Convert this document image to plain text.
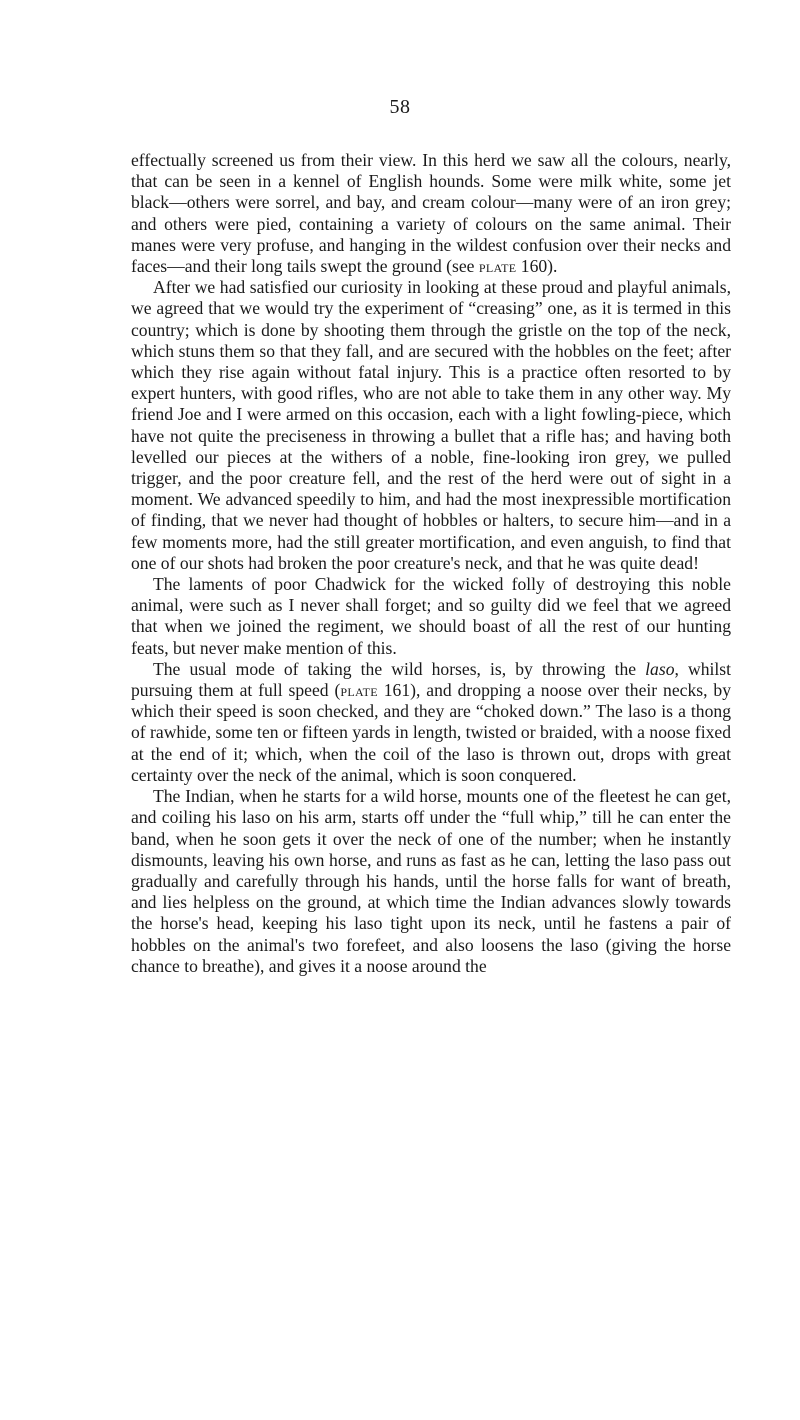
58

effectually screened us from their view. In this herd we saw all the colours, nearly, that can be seen in a kennel of English hounds. Some were milk white, some jet black—others were sorrel, and bay, and cream colour—many were of an iron grey; and others were pied, containing a variety of colours on the same animal. Their manes were very profuse, and hanging in the wildest confusion over their necks and faces—and their long tails swept the ground (see plate 160).

After we had satisfied our curiosity in looking at these proud and playful animals, we agreed that we would try the experiment of “creasing” one, as it is termed in this country; which is done by shooting them through the gristle on the top of the neck, which stuns them so that they fall, and are secured with the hobbles on the feet; after which they rise again without fatal injury. This is a practice often resorted to by expert hunters, with good rifles, who are not able to take them in any other way. My friend Joe and I were armed on this occasion, each with a light fowling-piece, which have not quite the preciseness in throwing a bullet that a rifle has; and having both levelled our pieces at the withers of a noble, fine-looking iron grey, we pulled trigger, and the poor creature fell, and the rest of the herd were out of sight in a moment. We advanced speedily to him, and had the most inexpressible mortification of finding, that we never had thought of hobbles or halters, to secure him—and in a few moments more, had the still greater mortification, and even anguish, to find that one of our shots had broken the poor creature's neck, and that he was quite dead!

The laments of poor Chadwick for the wicked folly of destroying this noble animal, were such as I never shall forget; and so guilty did we feel that we agreed that when we joined the regiment, we should boast of all the rest of our hunting feats, but never make mention of this.

The usual mode of taking the wild horses, is, by throwing the laso, whilst pursuing them at full speed (plate 161), and dropping a noose over their necks, by which their speed is soon checked, and they are “choked down.” The laso is a thong of rawhide, some ten or fifteen yards in length, twisted or braided, with a noose fixed at the end of it; which, when the coil of the laso is thrown out, drops with great certainty over the neck of the animal, which is soon conquered.

The Indian, when he starts for a wild horse, mounts one of the fleetest he can get, and coiling his laso on his arm, starts off under the “full whip,” till he can enter the band, when he soon gets it over the neck of one of the number; when he instantly dismounts, leaving his own horse, and runs as fast as he can, letting the laso pass out gradually and carefully through his hands, until the horse falls for want of breath, and lies helpless on the ground, at which time the Indian advances slowly towards the horse's head, keeping his laso tight upon its neck, until he fastens a pair of hobbles on the animal's two forefeet, and also loosens the laso (giving the horse chance to breathe), and gives it a noose around the
